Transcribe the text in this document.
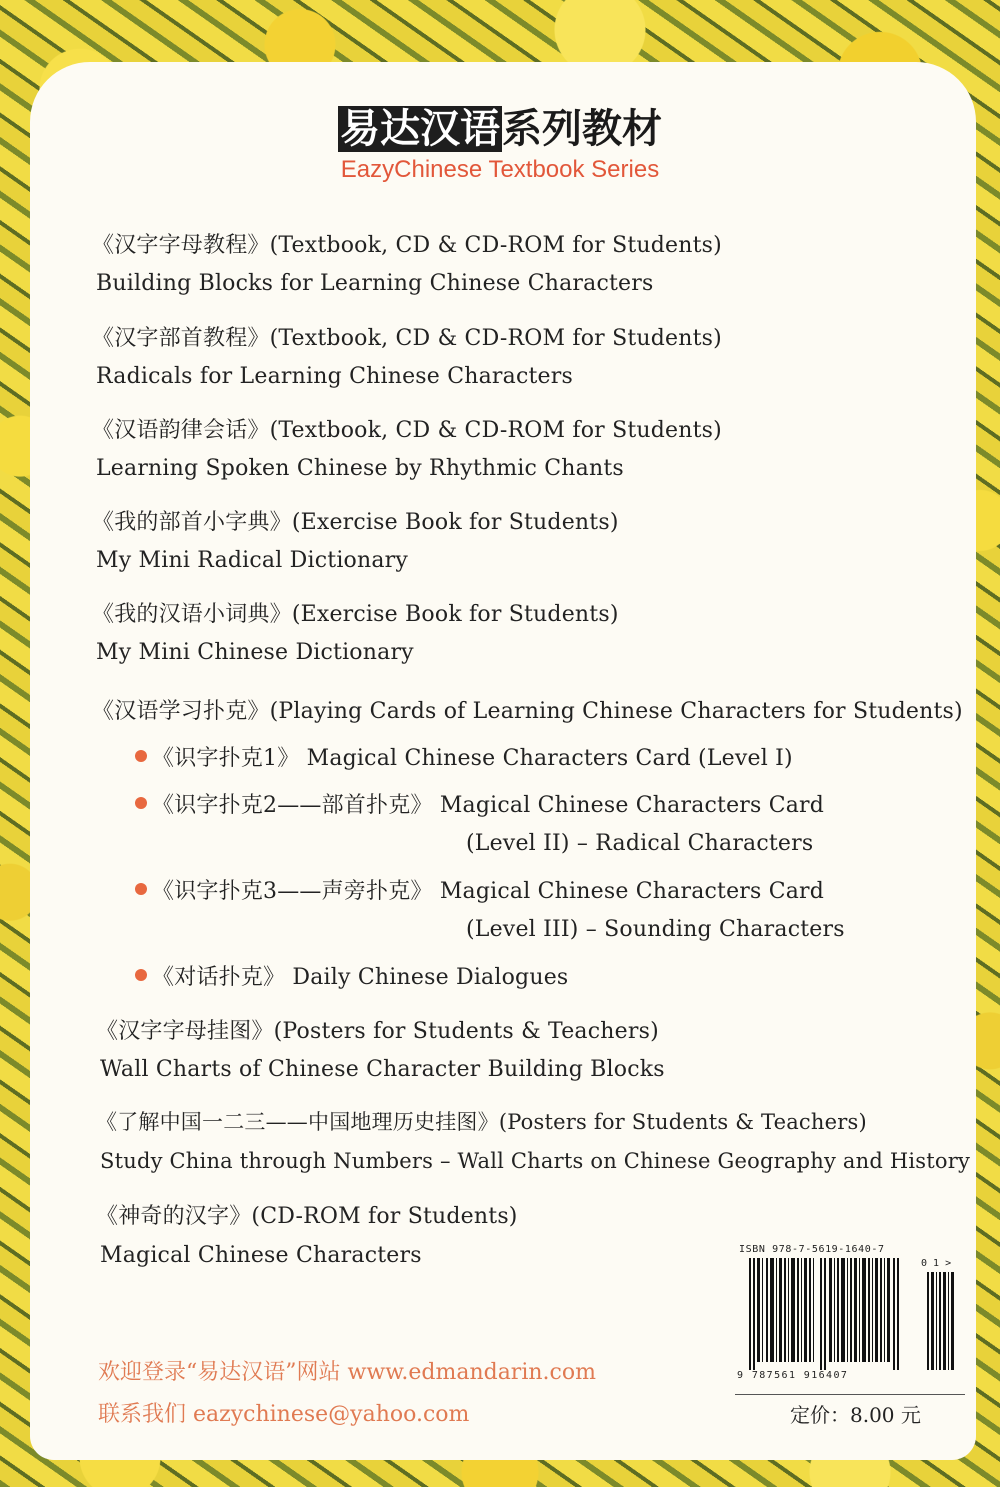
易达汉语系列教材
EazyChinese Textbook Series
《汉字字母教程》(Textbook, CD & CD-ROM for Students)
Building Blocks for Learning Chinese Characters
《汉字部首教程》(Textbook, CD & CD-ROM for Students)
Radicals for Learning Chinese Characters
《汉语韵律会话》(Textbook, CD & CD-ROM for Students)
Learning Spoken Chinese by Rhythmic Chants
《我的部首小字典》(Exercise Book for Students)
My Mini Radical Dictionary
《我的汉语小词典》(Exercise Book for Students)
My Mini Chinese Dictionary
《汉语学习扑克》(Playing Cards of Learning Chinese Characters for Students)
《识字扑克1》 Magical Chinese Characters Card (Level I)
《识字扑克2——部首扑克》 Magical Chinese Characters Card
(Level II) – Radical Characters
《识字扑克3——声旁扑克》 Magical Chinese Characters Card
(Level III) – Sounding Characters
《对话扑克》 Daily Chinese Dialogues
《汉字字母挂图》(Posters for Students & Teachers)
Wall Charts of Chinese Character Building Blocks
《了解中国一二三——中国地理历史挂图》(Posters for Students & Teachers)
Study China through Numbers – Wall Charts on Chinese Geography and History
《神奇的汉字》(CD-ROM for Students)
Magical Chinese Characters
欢迎登录“易达汉语”网站 www.edmandarin.com
联系我们 eazychinese@yahoo.com
ISBN 978-7-5619-1640-7
0 1 >
9 787561 916407
定价：8.00 元
